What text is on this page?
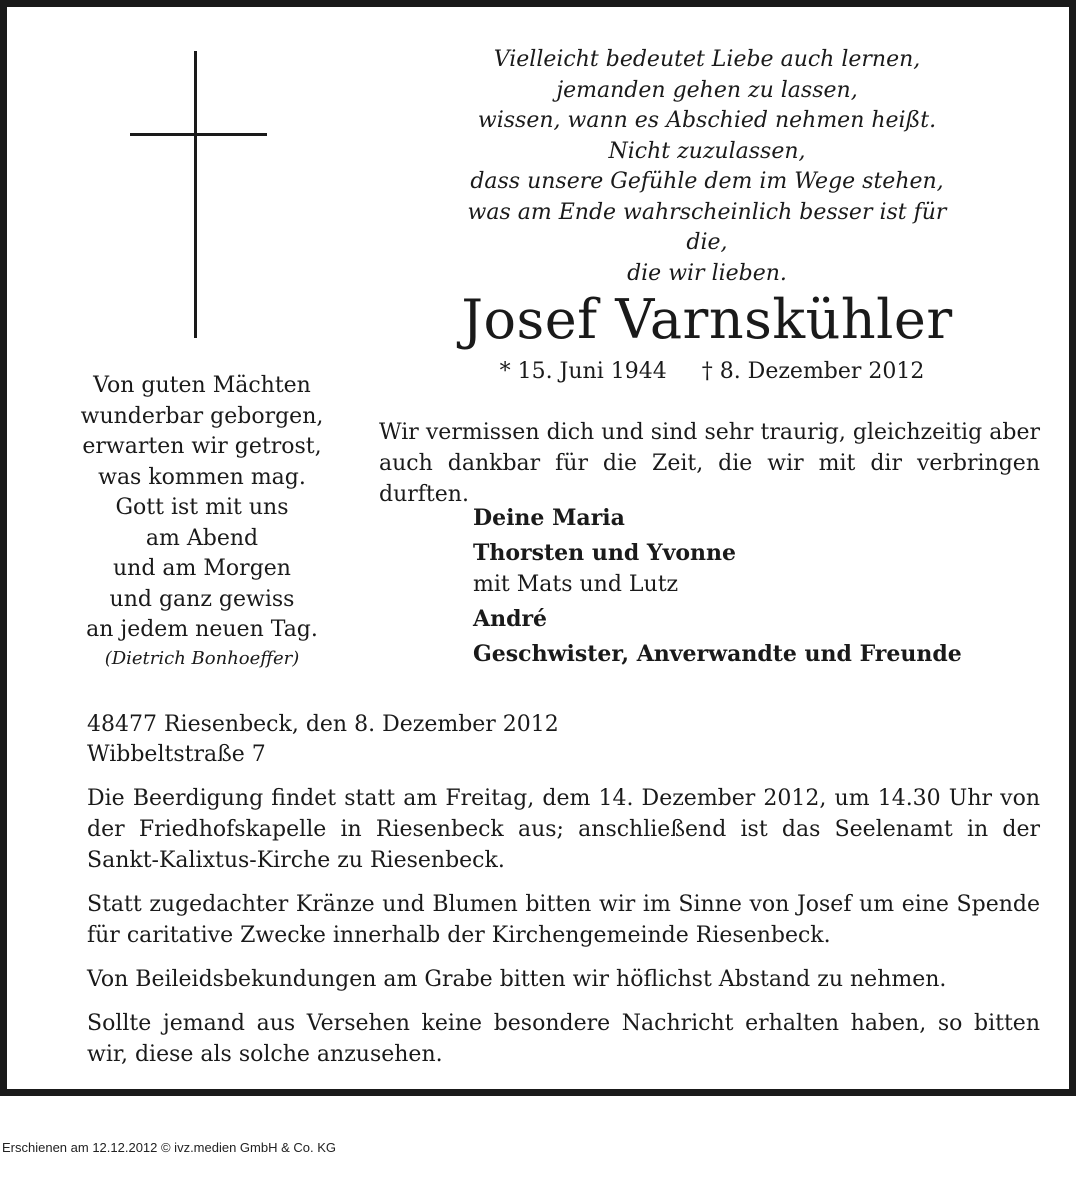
Vielleicht bedeutet Liebe auch lernen,
jemanden gehen zu lassen,
wissen, wann es Abschied nehmen heißt.
Nicht zuzulassen,
dass unsere Gefühle dem im Wege stehen,
was am Ende wahrscheinlich besser ist für die,
die wir lieben.
Josef Varnskühler
* 15. Juni 1944 † 8. Dezember 2012
Wir vermissen dich und sind sehr traurig, gleichzeitig aber
auch dankbar für die Zeit, die wir mit dir verbringen durften.
Deine Maria
Thorsten und Yvonne
mit Mats und Lutz
André
Geschwister, Anverwandte und Freunde
Von guten Mächten
wunderbar geborgen,
erwarten wir getrost,
was kommen mag.
Gott ist mit uns
am Abend
und am Morgen
und ganz gewiss
an jedem neuen Tag.
(Dietrich Bonhoeffer)
48477 Riesenbeck, den 8. Dezember 2012
Wibbeltstraße 7

Die Beerdigung findet statt am Freitag, dem 14. Dezember 2012, um 14.30 Uhr von der Friedhofskapelle in Riesenbeck aus; anschließend ist das Seelenamt in der Sankt-Kalixtus-Kirche zu Riesenbeck.

Statt zugedachter Kränze und Blumen bitten wir im Sinne von Josef um eine Spende für caritative Zwecke innerhalb der Kirchengemeinde Riesenbeck.

Von Beileidsbekundungen am Grabe bitten wir höflichst Abstand zu nehmen.

Sollte jemand aus Versehen keine besondere Nachricht erhalten haben, so bitten wir, diese als solche anzusehen.

Erschienen am 12.12.2012 © ivz.medien GmbH & Co. KG
